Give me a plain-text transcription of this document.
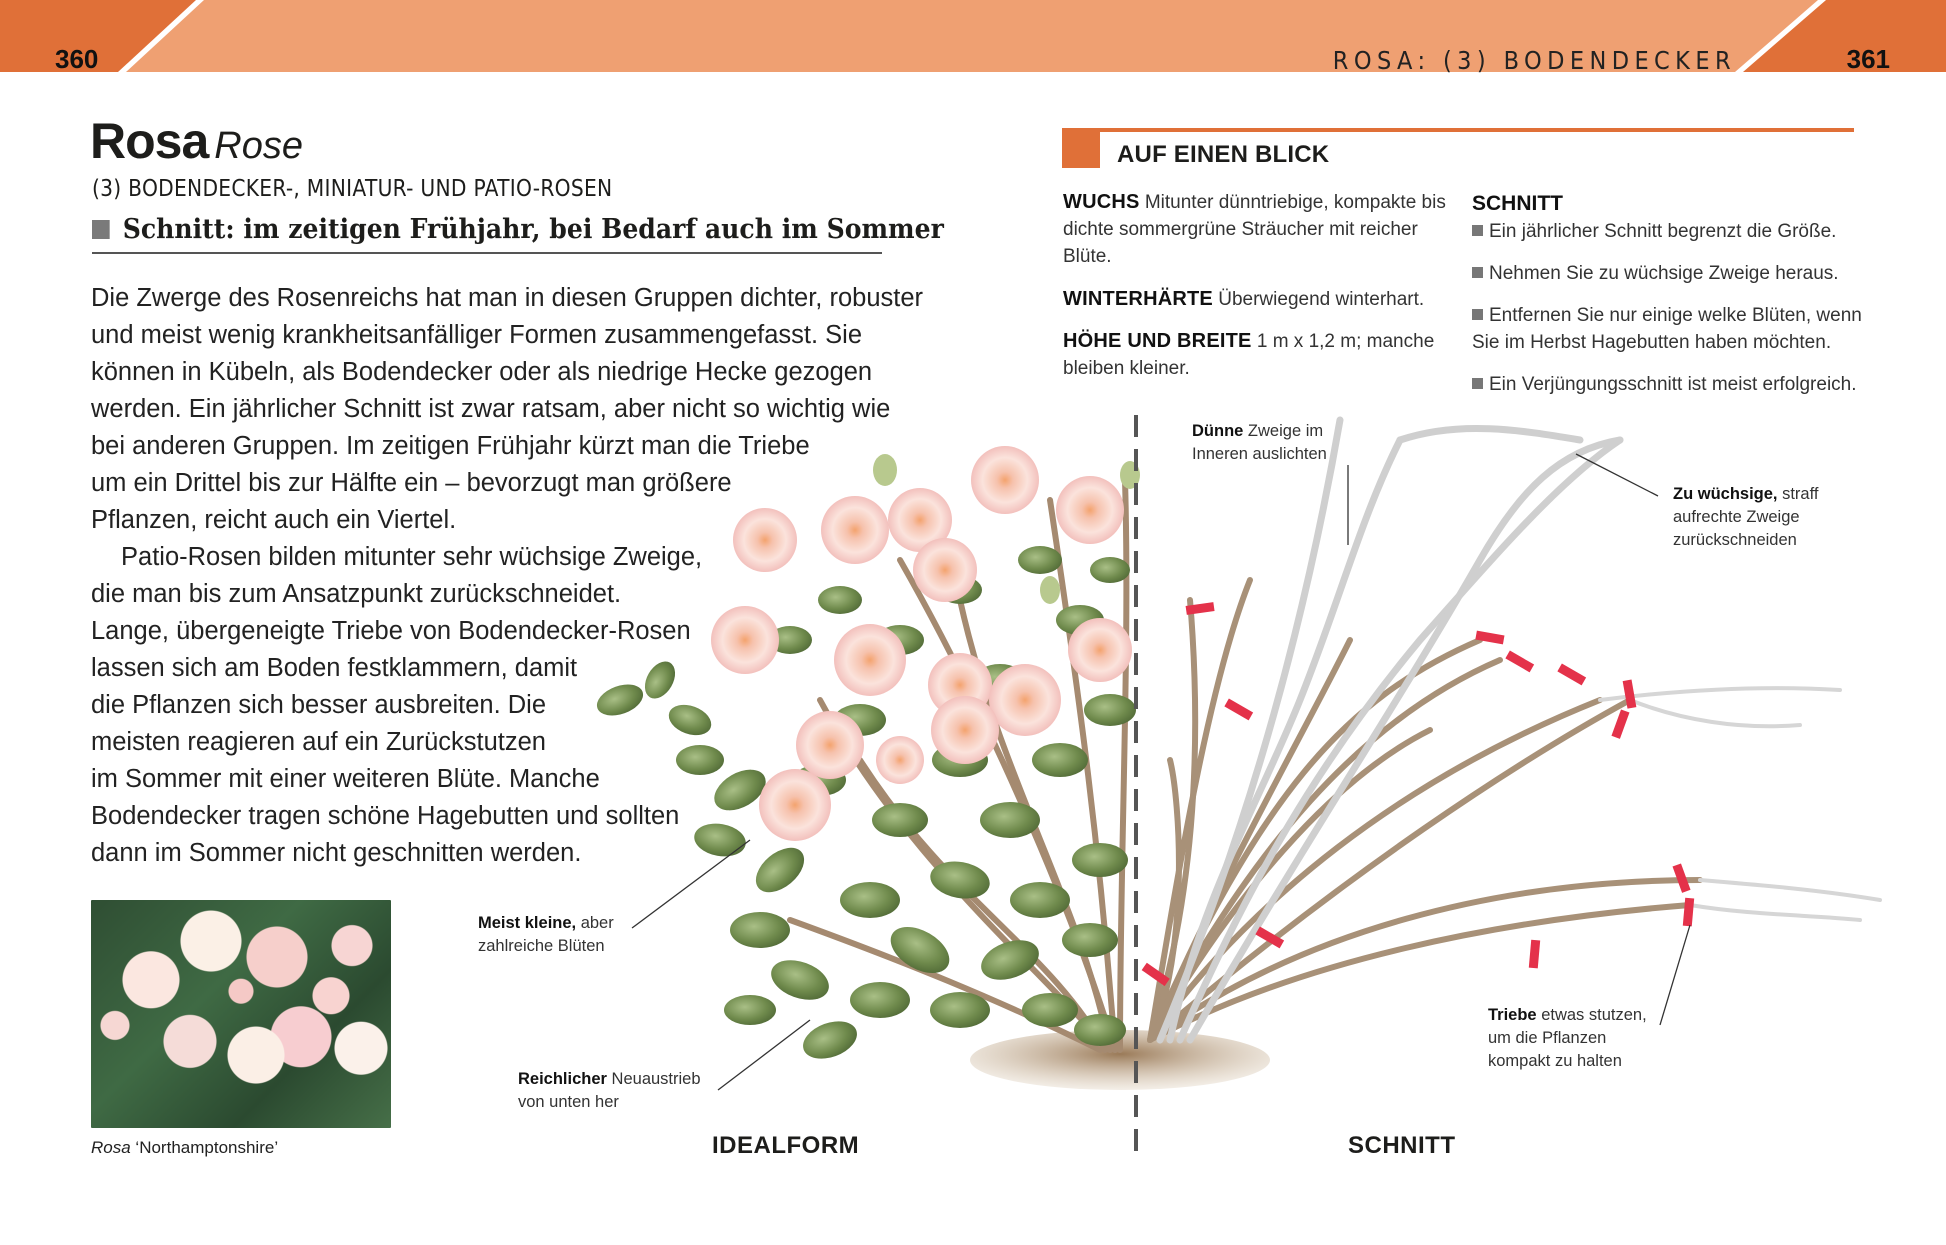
360	361
ROSA: (3) BODENDECKER
Rosa Rose
(3) BODENDECKER-, MINIATUR- UND PATIO-ROSEN
Schnitt: im zeitigen Frühjahr, bei Bedarf auch im Sommer
Die Zwerge des Rosenreichs hat man in diesen Gruppen dichter, robuster
und meist wenig krankheitsanfälliger Formen zusammengefasst. Sie
können in Kübeln, als Bodendecker oder als niedrige Hecke gezogen
werden. Ein jährlicher Schnitt ist zwar ratsam, aber nicht so wichtig wie
bei anderen Gruppen. Im zeitigen Frühjahr kürzt man die Triebe
um ein Drittel bis zur Hälfte ein – bevorzugt man größere
Pflanzen, reicht auch ein Viertel.
Patio-Rosen bilden mitunter sehr wüchsige Zweige,
die man bis zum Ansatzpunkt zurückschneidet.
Lange, übergeneigte Triebe von Bodendecker-Rosen
lassen sich am Boden festklammern, damit
die Pflanzen sich besser ausbreiten. Die
meisten reagieren auf ein Zurückstutzen
im Sommer mit einer weiteren Blüte. Manche
Bodendecker tragen schöne Hagebutten und sollten
dann im Sommer nicht geschnitten werden.
Rosa ‘Northamptonshire’
AUF EINEN BLICK
WUCHS Mitunter dünntriebige, kompakte bis dichte sommergrüne Sträucher mit reicher Blüte.
WINTERHÄRTE Überwiegend winterhart.
HÖHE UND BREITE 1 m x 1,2 m; manche bleiben kleiner.
SCHNITT
Ein jährlicher Schnitt begrenzt die Größe.
Nehmen Sie zu wüchsige Zweige heraus.
Entfernen Sie nur einige welke Blüten, wenn Sie im Herbst Hagebutten haben möchten.
Ein Verjüngungsschnitt ist meist erfolgreich.
Meist kleine, aber
zahlreiche Blüten
Reichlicher Neuaustrieb
von unten her
Dünne Zweige im
Inneren auslichten
Zu wüchsige, straff
aufrechte Zweige
zurückschneiden
Triebe etwas stutzen,
um die Pflanzen
kompakt zu halten
IDEALFORM	SCHNITT
